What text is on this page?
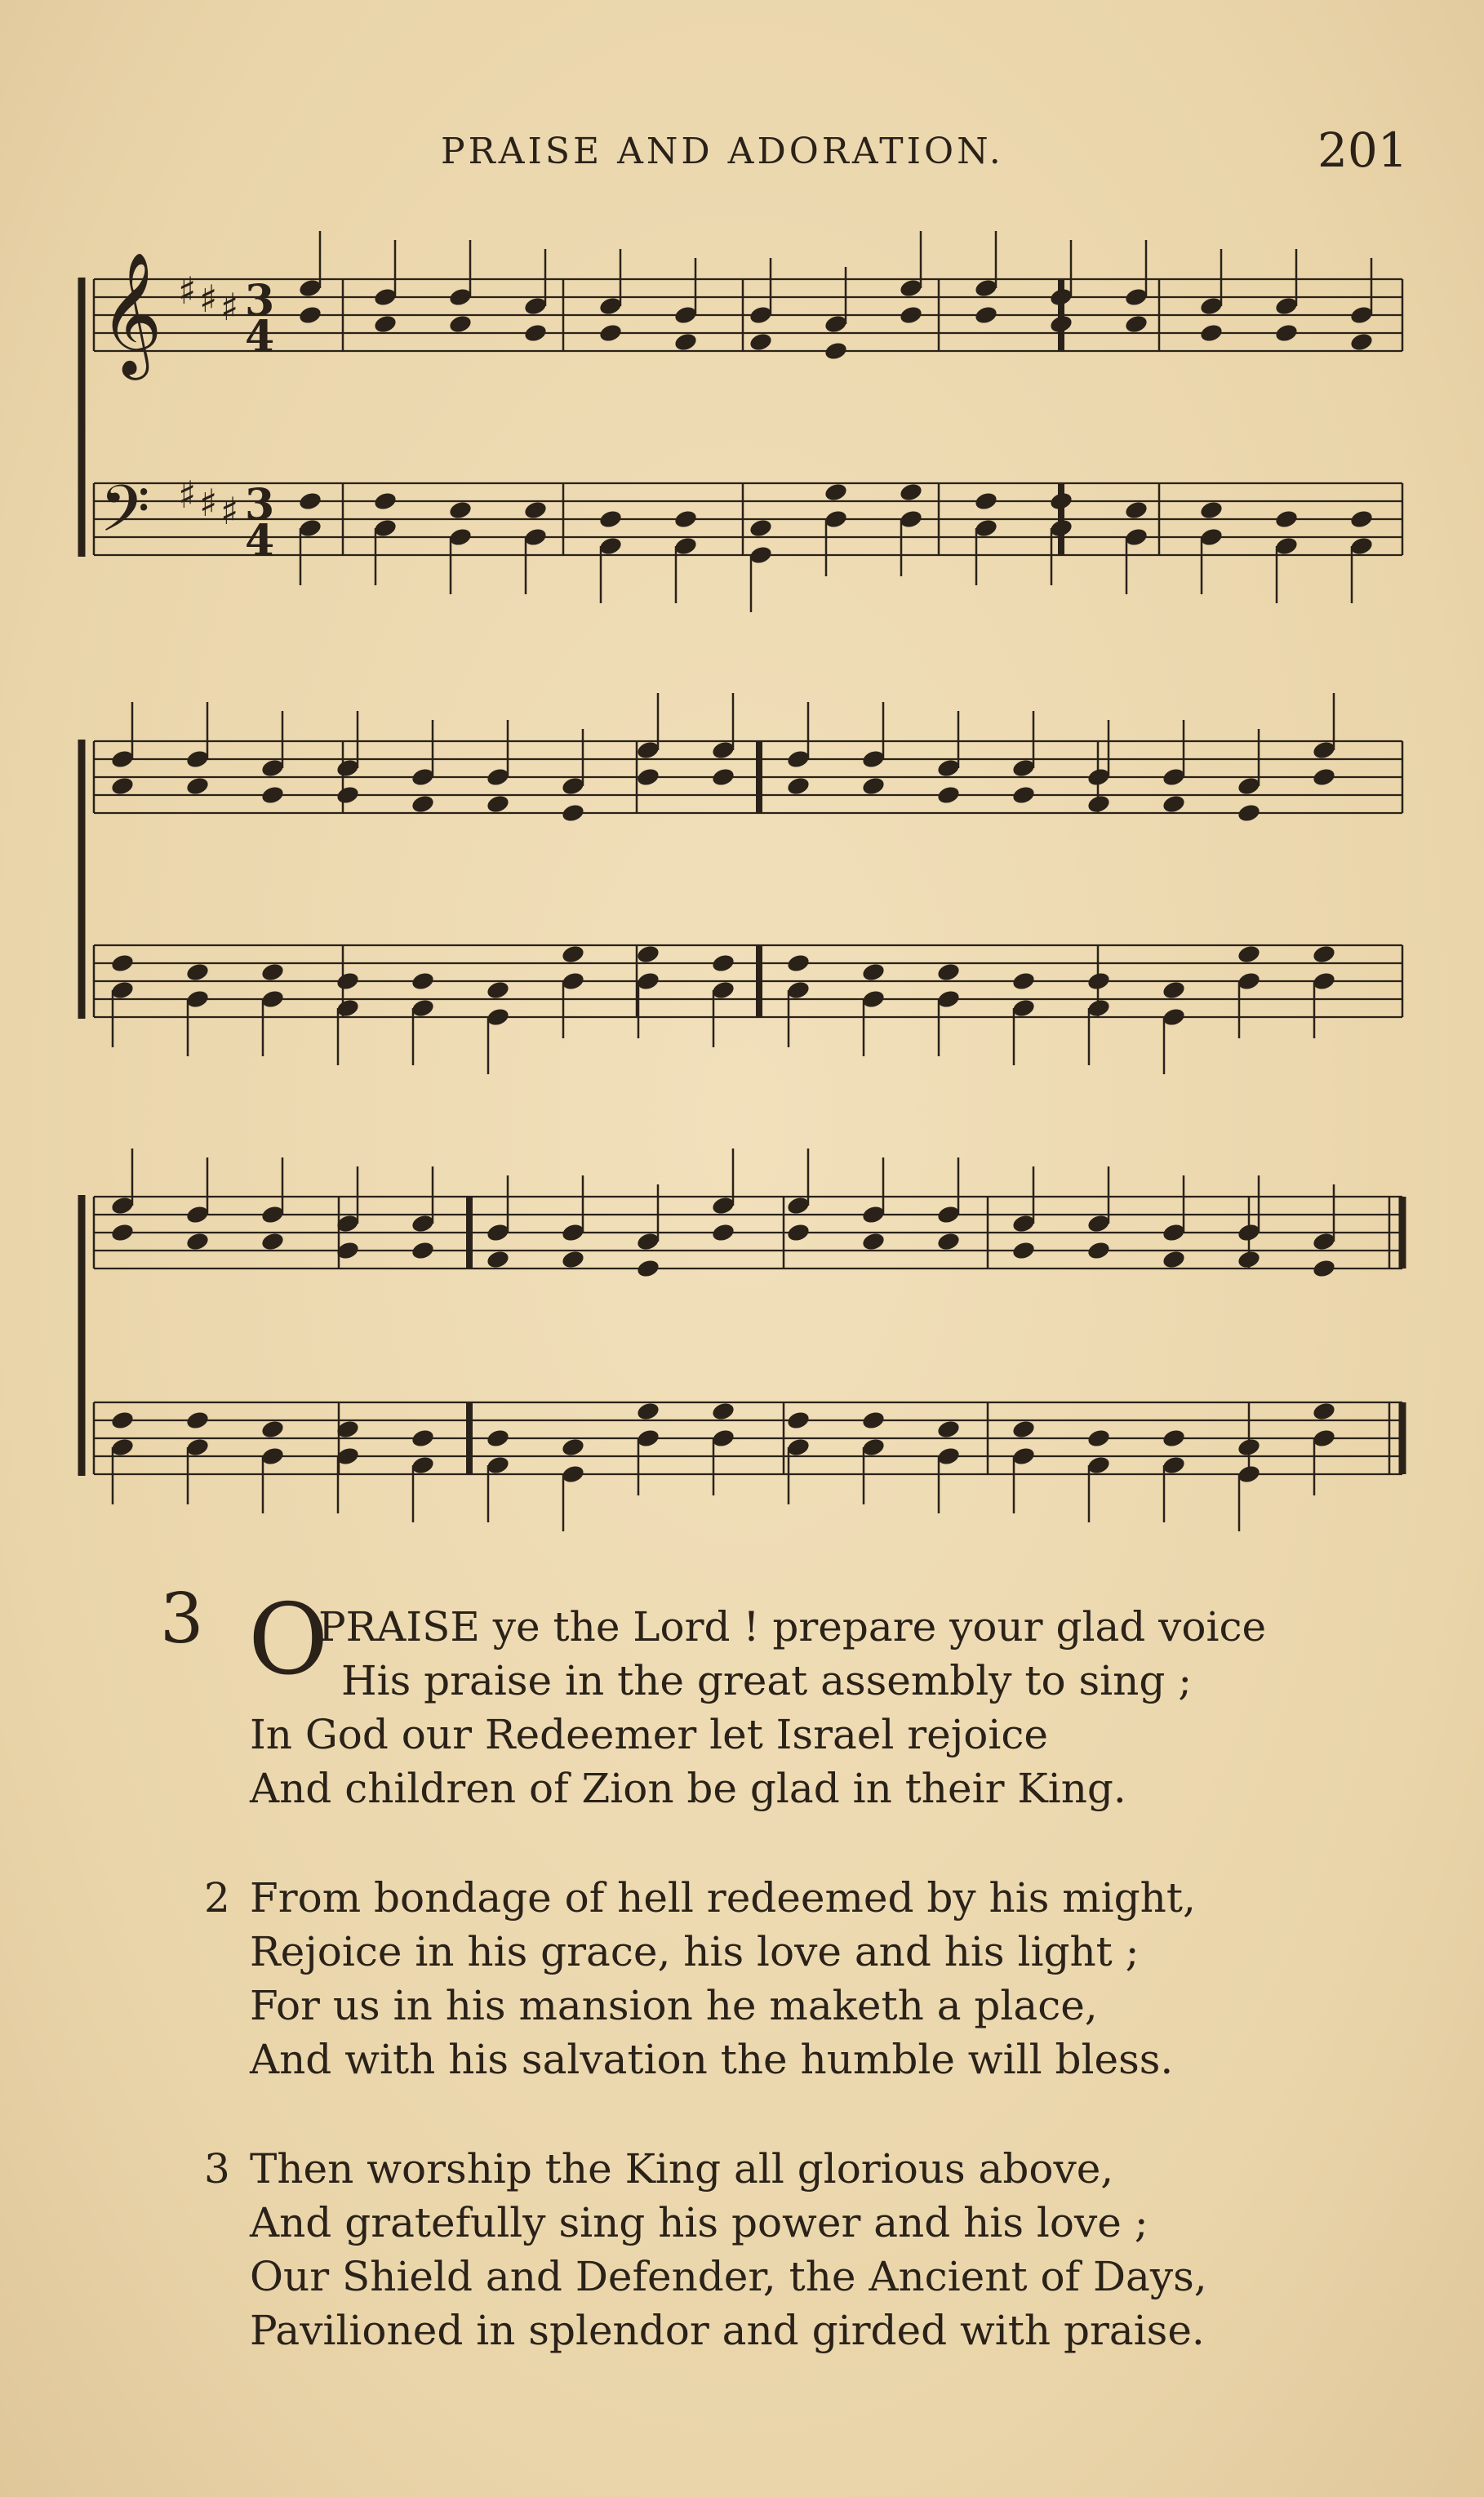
PRAISE AND ADORATION.	201
𝄞 ♯ ♯ ♯ 3
4
𝄢 ♯ ♯ ♯ 3
4
3 O
PRAISE ye the Lord ! prepare your glad voice
His praise in the great assembly to sing ;
In God our Redeemer let Israel rejoice
And children of Zion be glad in their King.
2 From bondage of hell redeemed by his might,
Rejoice in his grace, his love and his light ;
For us in his mansion he maketh a place,
And with his salvation the humble will bless.
3 Then worship the King all glorious above,
And gratefully sing his power and his love ;
Our Shield and Defender, the Ancient of Days,
Pavilioned in splendor and girded with praise.
